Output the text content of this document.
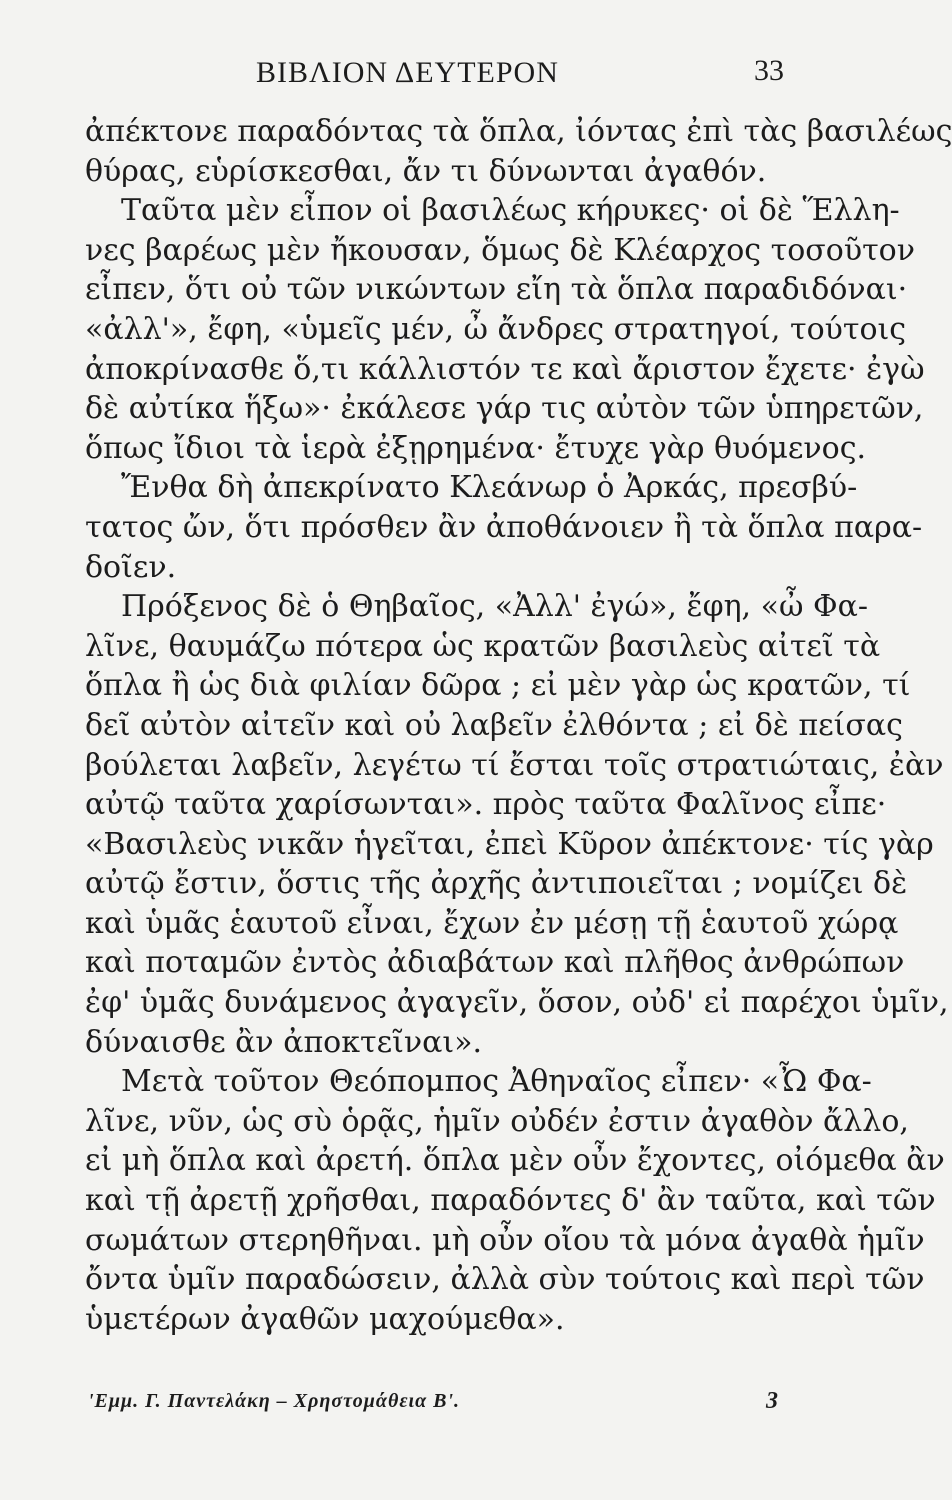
ΒΙΒΛΙΟΝ ΔΕΥΤΕΡΟΝ	33
ἀπέκτονε παραδόντας τὰ ὅπλα, ἰόντας ἐπὶ τὰς βασιλέως
θύρας, εὑρίσκεσθαι, ἄν τι δύνωνται ἀγαθόν.
Ταῦτα μὲν εἶπον οἱ βασιλέως κήρυκες· οἱ δὲ Ἕλλη-
νες βαρέως μὲν ἤκουσαν, ὅμως δὲ Κλέαρχος τοσοῦτον
εἶπεν, ὅτι οὐ τῶν νικώντων εἴη τὰ ὅπλα παραδιδόναι·
«ἀλλ'», ἔφη, «ὑμεῖς μέν, ὦ ἄνδρες στρατηγοί, τούτοις
ἀποκρίνασθε ὅ,τι κάλλιστόν τε καὶ ἄριστον ἔχετε· ἐγὼ
δὲ αὐτίκα ἥξω»· ἐκάλεσε γάρ τις αὐτὸν τῶν ὑπηρετῶν,
ὅπως ἴδιοι τὰ ἱερὰ ἐξῃρημένα· ἔτυχε γὰρ θυόμενος.
Ἔνθα δὴ ἀπεκρίνατο Κλεάνωρ ὁ Ἀρκάς, πρεσβύ-
τατος ὤν, ὅτι πρόσθεν ἂν ἀποθάνοιεν ἢ τὰ ὅπλα παρα-
δοῖεν.
Πρόξενος δὲ ὁ Θηβαῖος, «Ἀλλ' ἐγώ», ἔφη, «ὦ Φα-
λῖνε, θαυμάζω πότερα ὡς κρατῶν βασιλεὺς αἰτεῖ τὰ
ὅπλα ἢ ὡς διὰ φιλίαν δῶρα ; εἰ μὲν γὰρ ὡς κρατῶν, τί
δεῖ αὐτὸν αἰτεῖν καὶ οὐ λαβεῖν ἐλθόντα ; εἰ δὲ πείσας
βούλεται λαβεῖν, λεγέτω τί ἔσται τοῖς στρατιώταις, ἐὰν
αὐτῷ ταῦτα χαρίσωνται». πρὸς ταῦτα Φαλῖνος εἶπε·
«Βασιλεὺς νικᾶν ἡγεῖται, ἐπεὶ Κῦρον ἀπέκτονε· τίς γὰρ
αὐτῷ ἔστιν, ὅστις τῆς ἀρχῆς ἀντιποιεῖται ; νομίζει δὲ
καὶ ὑμᾶς ἑαυτοῦ εἶναι, ἔχων ἐν μέσῃ τῇ ἑαυτοῦ χώρᾳ
καὶ ποταμῶν ἐντὸς ἀδιαβάτων καὶ πλῆθος ἀνθρώπων
ἐφ' ὑμᾶς δυνάμενος ἀγαγεῖν, ὅσον, οὐδ' εἰ παρέχοι ὑμῖν,
δύναισθε ἂν ἀποκτεῖναι».
Μετὰ τοῦτον Θεόπομπος Ἀθηναῖος εἶπεν· «Ὦ Φα-
λῖνε, νῦν, ὡς σὺ ὁρᾷς, ἡμῖν οὐδέν ἐστιν ἀγαθὸν ἄλλο,
εἰ μὴ ὅπλα καὶ ἀρετή. ὅπλα μὲν οὖν ἔχοντες, οἰόμεθα ἂν
καὶ τῇ ἀρετῇ χρῆσθαι, παραδόντες δ' ἂν ταῦτα, καὶ τῶν
σωμάτων στερηθῆναι. μὴ οὖν οἴου τὰ μόνα ἀγαθὰ ἡμῖν
ὄντα ὑμῖν παραδώσειν, ἀλλὰ σὺν τούτοις καὶ περὶ τῶν
ὑμετέρων ἀγαθῶν μαχούμεθα».
'Εμμ. Γ. Παντελάκη – Χρηστομάθεια Β'.	3
